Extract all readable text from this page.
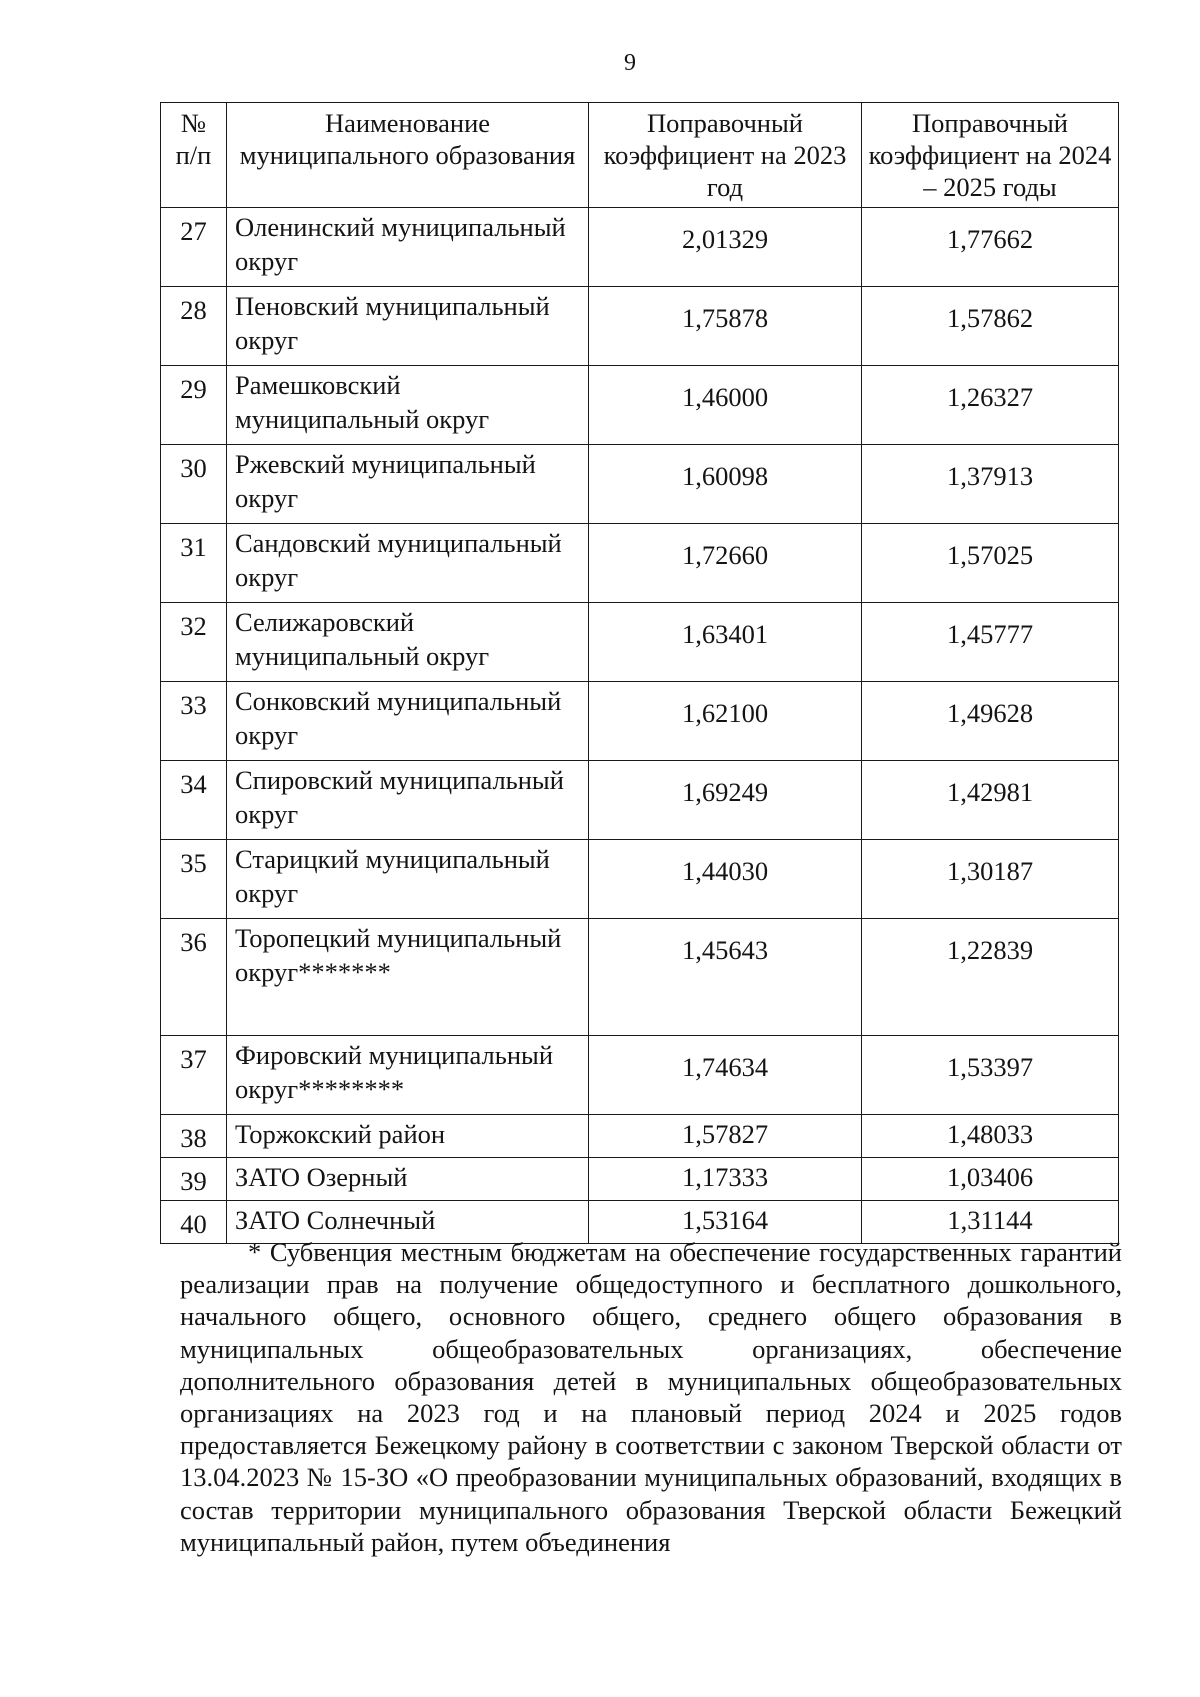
9
№ п/п	Наименование муниципального образования	Поправочный коэффициент на 2023 год	Поправочный коэффициент на 2024 – 2025 годы
27	Оленинский муниципальный округ	2,01329	1,77662
28	Пеновский муниципальный округ	1,75878	1,57862
29	Рамешковский муниципальный округ	1,46000	1,26327
30	Ржевский муниципальный округ	1,60098	1,37913
31	Сандовский муниципальный округ	1,72660	1,57025
32	Селижаровский муниципальный округ	1,63401	1,45777
33	Сонковский муниципальный округ	1,62100	1,49628
34	Спировский муниципальный округ	1,69249	1,42981
35	Старицкий муниципальный округ	1,44030	1,30187
36	Торопецкий муниципальный округ*******	1,45643	1,22839
37	Фировский муниципальный округ********	1,74634	1,53397
38	Торжокский район	1,57827	1,48033
39	ЗАТО Озерный	1,17333	1,03406
40	ЗАТО Солнечный	1,53164	1,31144

* Субвенция местным бюджетам на обеспечение государственных гарантий реализации прав на получение общедоступного и бесплатного дошкольного, начального общего, основного общего, среднего общего образования в муниципальных общеобразовательных организациях, обеспечение дополнительного образования детей в муниципальных общеобразовательных организациях на 2023 год и на плановый период 2024 и 2025 годов предоставляется Бежецкому району в соответствии с законом Тверской области от 13.04.2023 № 15-ЗО «О преобразовании муниципальных образований, входящих в состав территории муниципального образования Тверской области Бежецкий муниципальный район, путем объединения
